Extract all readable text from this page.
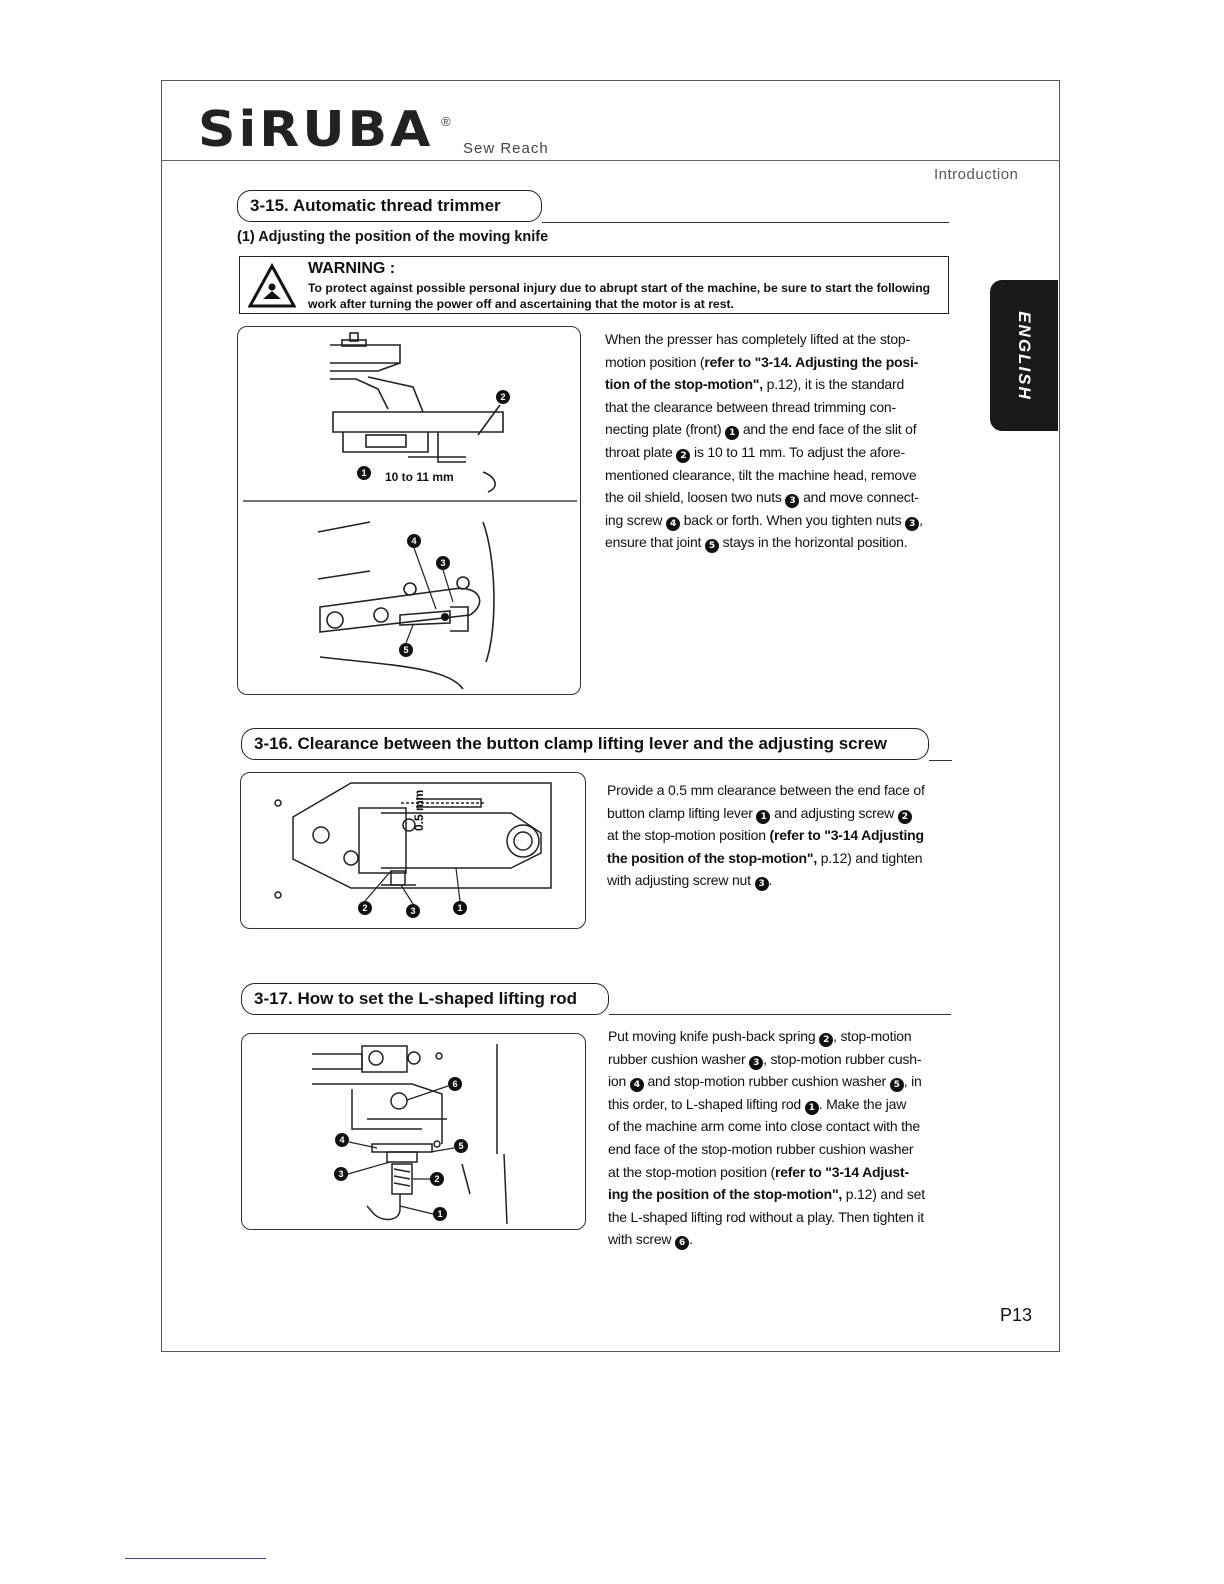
SiRUBA ®
Sew Reach
Introduction
ENGLISH
3-15. Automatic thread trimmer
(1) Adjusting the position of the moving knife
WARNING :
To protect against possible personal injury due to abrupt start of the machine, be sure to start the following work after turning the power off and ascertaining that the motor is at rest.
2
1
3
4
5
10 to 11 mm
When the presser has completely lifted at the stop-
motion position (refer to "3-14. Adjusting the posi-
tion of the stop-motion", p.12), it is the standard
that the clearance between thread trimming con-
necting plate (front) 1 and the end face of the slit of
throat plate 2 is 10 to 11 mm. To adjust the afore-
mentioned clearance, tilt the machine head, remove
the oil shield, loosen two nuts 3 and move connect-
ing screw 4 back or forth. When you tighten nuts 3 ,
ensure that joint 5 stays in the horizontal position.
3-16. Clearance between the button clamp lifting lever and the adjusting screw
2	3	1
0.5 mm	Provide a 0.5 mm clearance between the end face of
button clamp lifting lever 1 and adjusting screw 2
at the stop-motion position (refer to "3-14 Adjusting
the position of the stop-motion", p.12) and tighten
with adjusting screw nut 3 .
3-17. How to set the L-shaped lifting rod
6
4
5
3	2
1
Put moving knife push-back spring 2 , stop-motion
rubber cushion washer 3 , stop-motion rubber cush-
ion 4 and stop-motion rubber cushion washer 5 , in
this order, to L-shaped lifting rod 1 . Make the jaw
of the machine arm come into close contact with the
end face of the stop-motion rubber cushion washer
at the stop-motion position (refer to "3-14 Adjust-
ing the position of the stop-motion", p.12) and set
the L-shaped lifting rod without a play. Then tighten it
with screw 6 .
P13
